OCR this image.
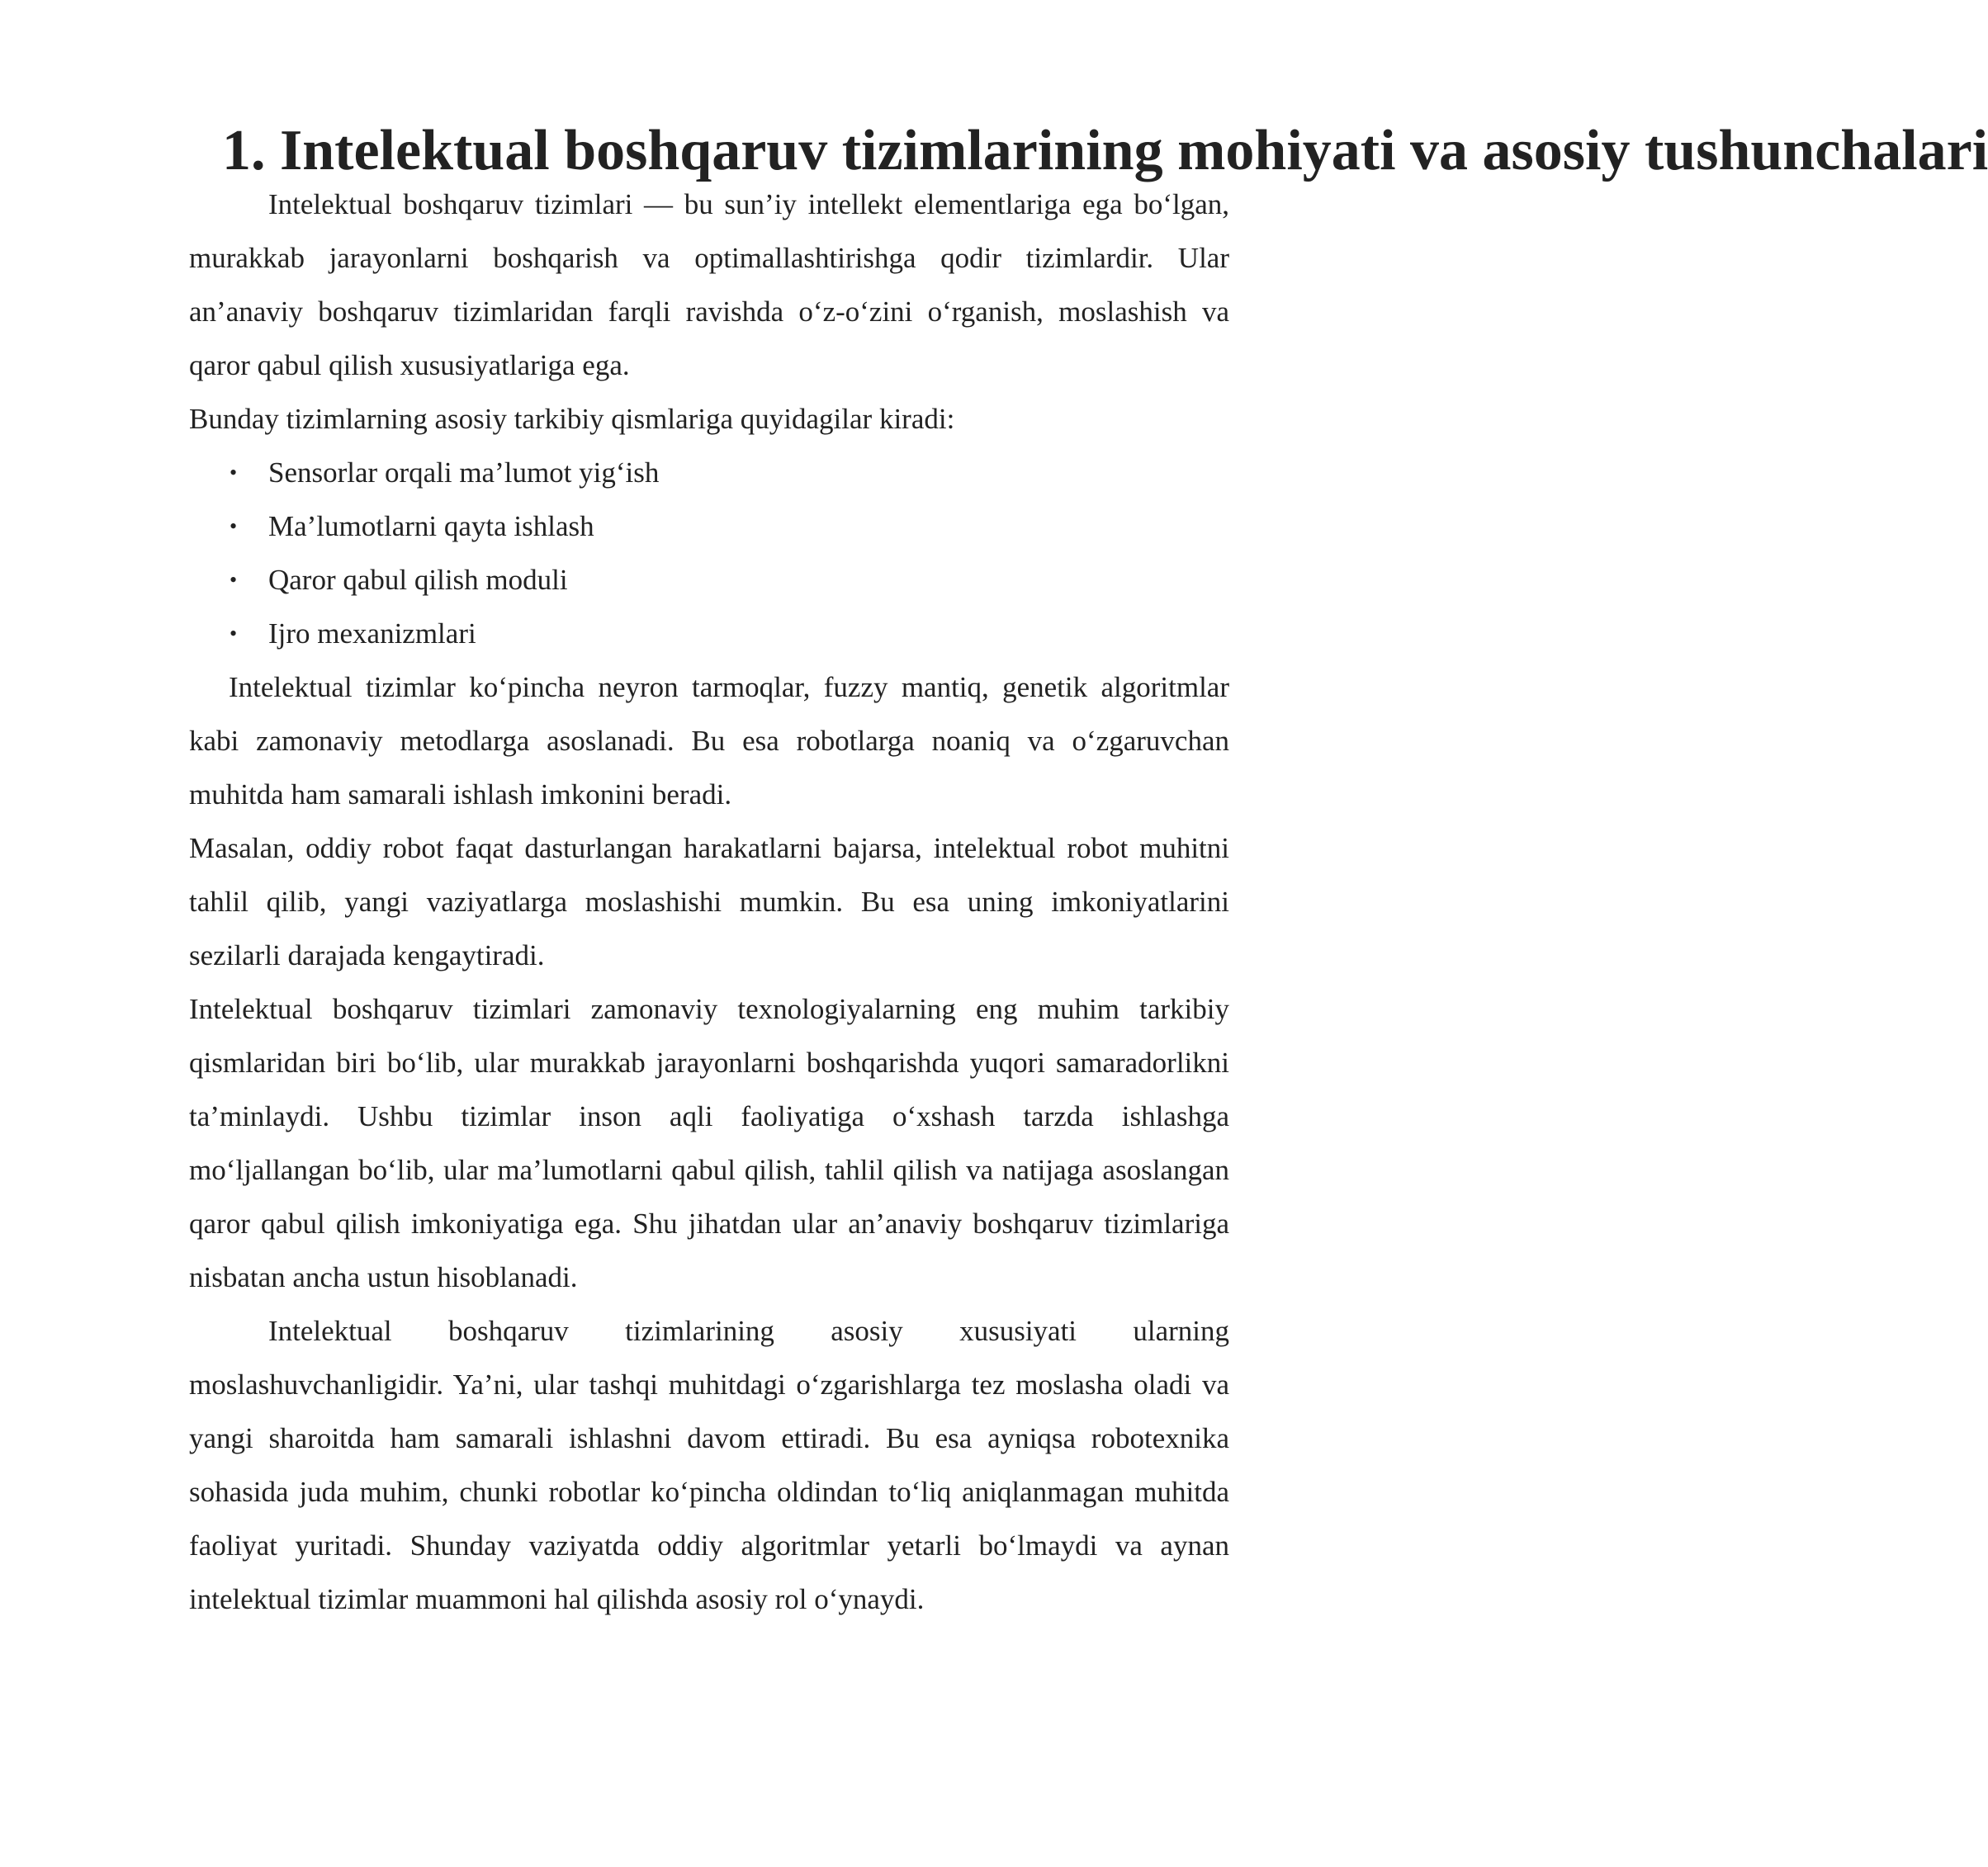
1. Intelektual boshqaruv tizimlarining mohiyati va asosiy tushunchalari

Intelektual boshqaruv tizimlari — bu sun’iy intellekt elementlariga ega bo‘lgan, murakkab jarayonlarni boshqarish va optimallashtirishga qodir tizimlardir. Ular an’anaviy boshqaruv tizimlaridan farqli ravishda o‘z-o‘zini o‘rganish, moslashish va qaror qabul qilish xususiyatlariga ega.

Bunday tizimlarning asosiy tarkibiy qismlariga quyidagilar kiradi:

• Sensorlar orqali ma’lumot yig‘ish
• Ma’lumotlarni qayta ishlash
• Qaror qabul qilish moduli
• Ijro mexanizmlari

Intelektual tizimlar ko‘pincha neyron tarmoqlar, fuzzy mantiq, genetik algoritmlar kabi zamonaviy metodlarga asoslanadi. Bu esa robotlarga noaniq va o‘zgaruvchan muhitda ham samarali ishlash imkonini beradi.

Masalan, oddiy robot faqat dasturlangan harakatlarni bajarsa, intelektual robot muhitni tahlil qilib, yangi vaziyatlarga moslashishi mumkin. Bu esa uning imkoniyatlarini sezilarli darajada kengaytiradi.

Intelektual boshqaruv tizimlari zamonaviy texnologiyalarning eng muhim tarkibiy qismlaridan biri bo‘lib, ular murakkab jarayonlarni boshqarishda yuqori samaradorlikni ta’minlaydi. Ushbu tizimlar inson aqli faoliyatiga o‘xshash tarzda ishlashga mo‘ljallangan bo‘lib, ular ma’lumotlarni qabul qilish, tahlil qilish va natijaga asoslangan qaror qabul qilish imkoniyatiga ega. Shu jihatdan ular an’anaviy boshqaruv tizimlariga nisbatan ancha ustun hisoblanadi.

Intelektual boshqaruv tizimlarining asosiy xususiyati ularning moslashuvchanligidir. Ya’ni, ular tashqi muhitdagi o‘zgarishlarga tez moslasha oladi va yangi sharoitda ham samarali ishlashni davom ettiradi. Bu esa ayniqsa robotexnika sohasida juda muhim, chunki robotlar ko‘pincha oldindan to‘liq aniqlanmagan muhitda faoliyat yuritadi. Shunday vaziyatda oddiy algoritmlar yetarli bo‘lmaydi va aynan intelektual tizimlar muammoni hal qilishda asosiy rol o‘ynaydi.
